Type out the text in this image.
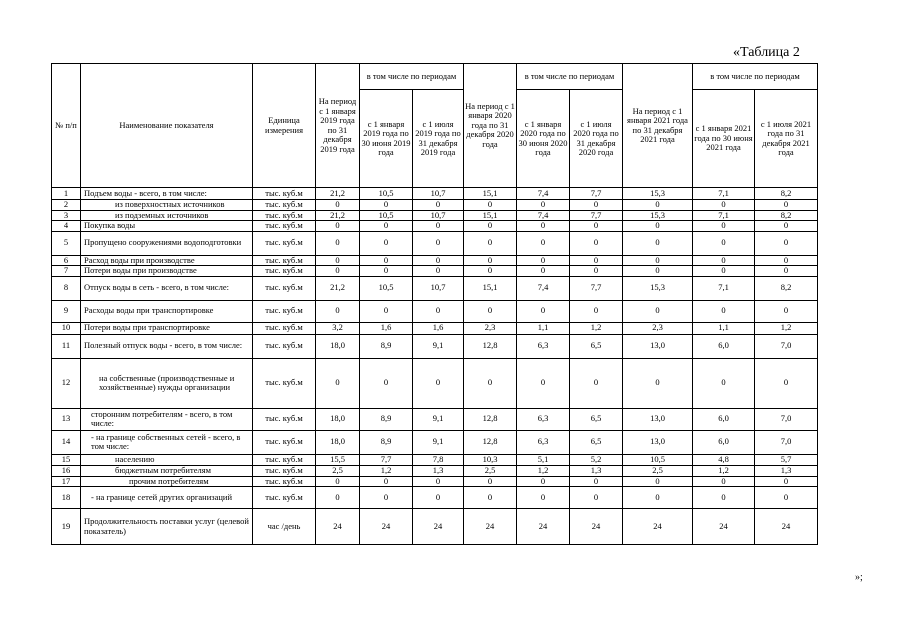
«Таблица 2
№ п/п	Наименование показателя	Единица измерения	На период с 1 января 2019 года по 31 декабря 2019 года	в том числе по периодам		На период с 1 января 2020 года по 31 декабря 2020 года	в том числе по периодам		На период с 1 января 2021 года по 31 декабря 2021 года	в том числе по периодам	
				с 1 января 2019 года по 30 июня 2019 года	с 1 июля 2019 года по 31 декабря 2019 года		с 1 января 2020 года по 30 июня 2020 года	с 1 июля 2020 года по 31 декабря 2020 года		с 1 января 2021 года по 30 июня 2021 года	с 1 июля 2021 года по 31 декабря 2021 года
1	Подъем воды - всего, в том числе:	тыс. куб.м	21,2	10,5	10,7	15,1	7,4	7,7	15,3	7,1	8,2
2	из поверхностных источников	тыс. куб.м	0	0	0	0	0	0	0	0	0
3	из подземных источников	тыс. куб.м	21,2	10,5	10,7	15,1	7,4	7,7	15,3	7,1	8,2
4	Покупка воды	тыс. куб.м	0	0	0	0	0	0	0	0	0
5	Пропущено сооружениями водоподготовки	тыс. куб.м	0	0	0	0	0	0	0	0	0
6	Расход воды при производстве	тыс. куб.м	0	0	0	0	0	0	0	0	0
7	Потери воды при производстве	тыс. куб.м	0	0	0	0	0	0	0	0	0
8	Отпуск воды в сеть - всего, в том числе:	тыс. куб.м	21,2	10,5	10,7	15,1	7,4	7,7	15,3	7,1	8,2
9	Расходы воды при транспортировке	тыс. куб.м	0	0	0	0	0	0	0	0	0
10	Потери воды при транспортировке	тыс. куб.м	3,2	1,6	1,6	2,3	1,1	1,2	2,3	1,1	1,2
11	Полезный отпуск воды - всего, в том числе:	тыс. куб.м	18,0	8,9	9,1	12,8	6,3	6,5	13,0	6,0	7,0
12	на собственные (производственные и хозяйственные) нужды организации	тыс. куб.м	0	0	0	0	0	0	0	0	0
13	сторонним потребителям - всего, в том числе:	тыс. куб.м	18,0	8,9	9,1	12,8	6,3	6,5	13,0	6,0	7,0
14	- на границе собственных сетей - всего, в том числе:	тыс. куб.м	18,0	8,9	9,1	12,8	6,3	6,5	13,0	6,0	7,0
15	населению	тыс. куб.м	15,5	7,7	7,8	10,3	5,1	5,2	10,5	4,8	5,7
16	бюджетным потребителям	тыс. куб.м	2,5	1,2	1,3	2,5	1,2	1,3	2,5	1,2	1,3
17	прочим потребителям	тыс. куб.м	0	0	0	0	0	0	0	0	0
18	- на границе сетей других организаций	тыс. куб.м	0	0	0	0	0	0	0	0	0
19	Продолжительность поставки услуг (целевой показатель)	час /день	24	24	24	24	24	24	24	24	24
»;
